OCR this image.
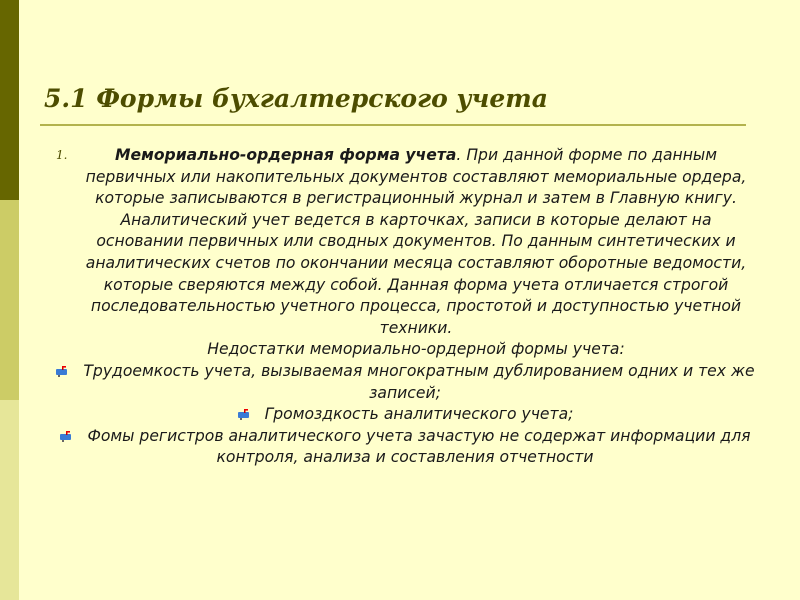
5.1 Формы бухгалтерского учета
1.	Мемориально-ордерная форма учета. При данной форме по данным первичных или накопительных документов составляют мемориальные ордера, которые записываются в регистрационный журнал и затем в Главную книгу. Аналитический учет ведется в карточках, записи в которые делают на основании первичных или сводных документов. По данным синтетических и аналитических счетов по окончании месяца составляют оборотные ведомости, которые сверяются между собой. Данная форма учета отличается строгой последовательностью учетного процесса, простотой и доступностью учетной техники.
Недостатки мемориально-ордерной формы учета:
Трудоемкость учета, вызываемая многократным дублированием одних и тех же записей;
Громоздкость аналитического учета;
Фомы регистров аналитического учета зачастую не содержат информации для контроля, анализа и составления отчетности
